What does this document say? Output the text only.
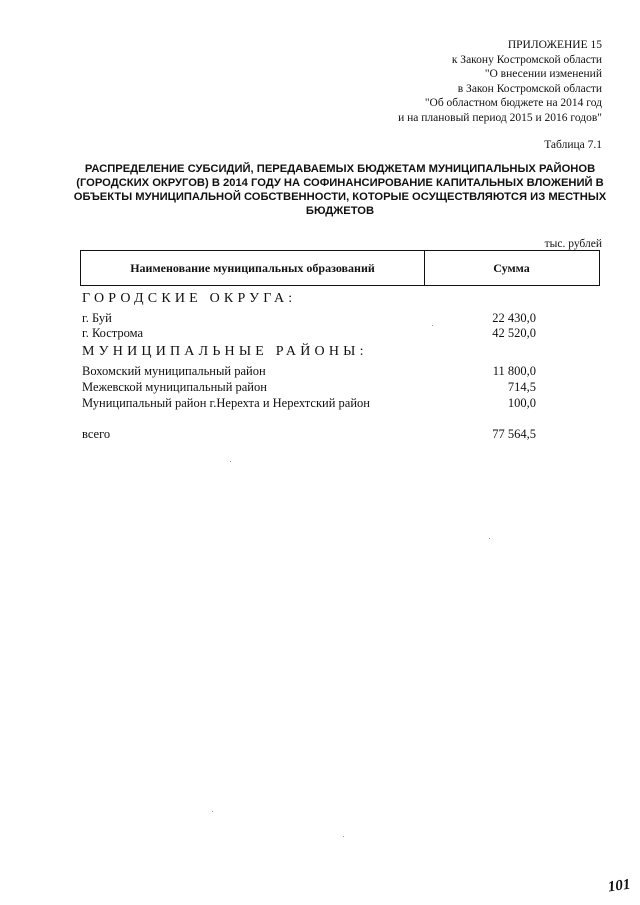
ПРИЛОЖЕНИЕ 15
к Закону Костромской области
"О внесении изменений
в Закон Костромской области
"Об областном бюджете на 2014 год
и на плановый период 2015 и 2016 годов"
Таблица 7.1
РАСПРЕДЕЛЕНИЕ СУБСИДИЙ, ПЕРЕДАВАЕМЫХ БЮДЖЕТАМ МУНИЦИПАЛЬНЫХ РАЙОНОВ
(ГОРОДСКИХ ОКРУГОВ) В 2014 ГОДУ НА СОФИНАНСИРОВАНИЕ КАПИТАЛЬНЫХ ВЛОЖЕНИЙ В
ОБЪЕКТЫ МУНИЦИПАЛЬНОЙ СОБСТВЕННОСТИ, КОТОРЫЕ ОСУЩЕСТВЛЯЮТСЯ ИЗ МЕСТНЫХ
БЮДЖЕТОВ
тыс. рублей
Наименование муниципальных образований	Сумма
ГОРОДСКИЕ ОКРУГА:
г. Буй	22 430,0
г. Кострома	42 520,0
МУНИЦИПАЛЬНЫЕ РАЙОНЫ:
Вохомский муниципальный район	11 800,0
Межевской муниципальный район	714,5
Муниципальный район г.Нерехта и Нерехтский район	100,0
всего	77 564,5
101
